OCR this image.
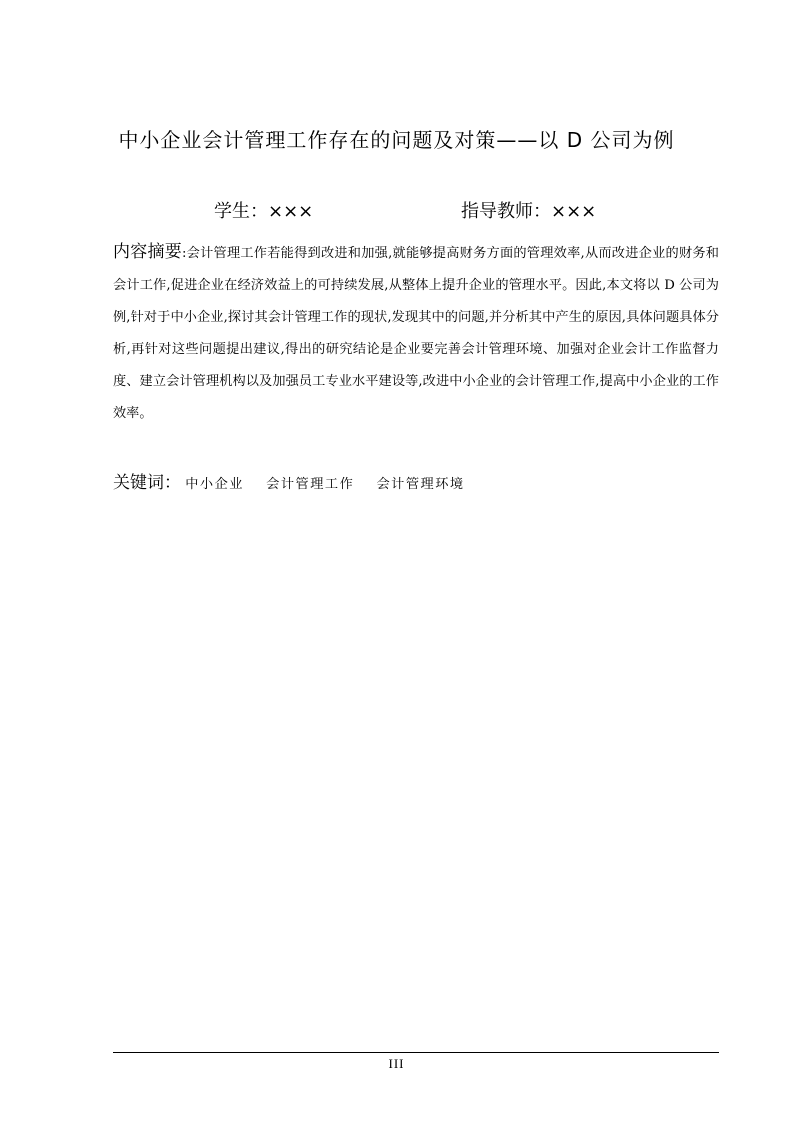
中小企业会计管理工作存在的问题及对策——以 D 公司为例
学生：×××	指导教师：×××
内容摘要:会计管理工作若能得到改进和加强,就能够提高财务方面的管理效率,从而改进企业的财务和会计工作,促进企业在经济效益上的可持续发展,从整体上提升企业的管理水平。因此,本文将以 D 公司为例,针对于中小企业,探讨其会计管理工作的现状,发现其中的问题,并分析其中产生的原因,具体问题具体分析,再针对这些问题提出建议,得出的研究结论是企业要完善会计管理环境、加强对企业会计工作监督力度、建立会计管理机构以及加强员工专业水平建设等,改进中小企业的会计管理工作,提高中小企业的工作效率。
关键词： 中小企业 会计管理工作 会计管理环境
III
